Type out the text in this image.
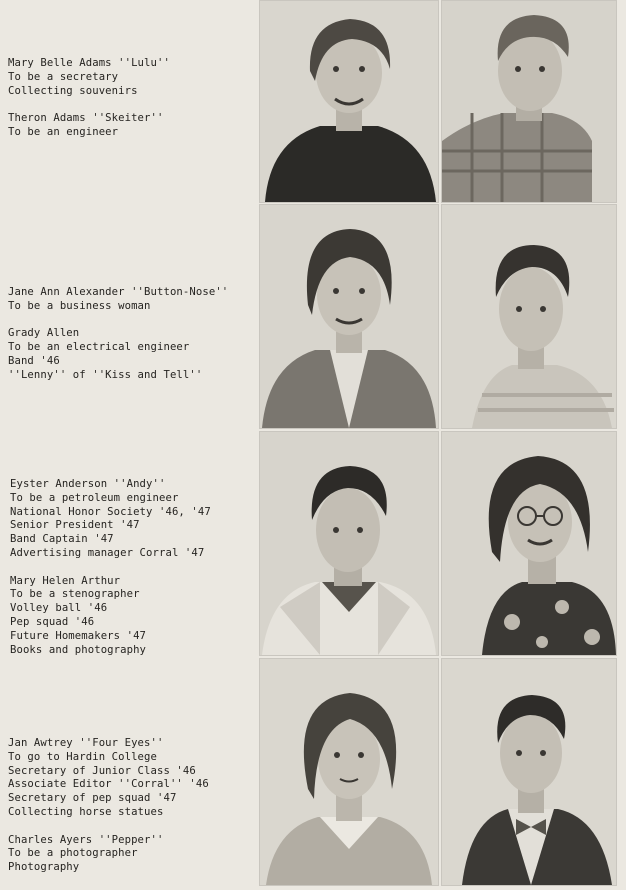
Mary Belle Adams ''Lulu''
To be a secretary
Collecting souvenirs
Theron Adams ''Skeiter''
To be an engineer
Jane Ann Alexander ''Button-Nose''
To be a business woman
Grady Allen
To be an electrical engineer
Band '46
''Lenny'' of ''Kiss and Tell''
Eyster Anderson ''Andy''
To be a petroleum engineer
National Honor Society '46, '47
Senior President '47
Band Captain '47
Advertising manager Corral '47
Mary Helen Arthur
To be a stenographer
Volley ball '46
Pep squad '46
Future Homemakers '47
Books and photography
Jan Awtrey ''Four Eyes''
To go to Hardin College
Secretary of Junior Class '46
Associate Editor ''Corral'' '46
Secretary of pep squad '47
Collecting horse statues
Charles Ayers ''Pepper''
To be a photographer
Photography
